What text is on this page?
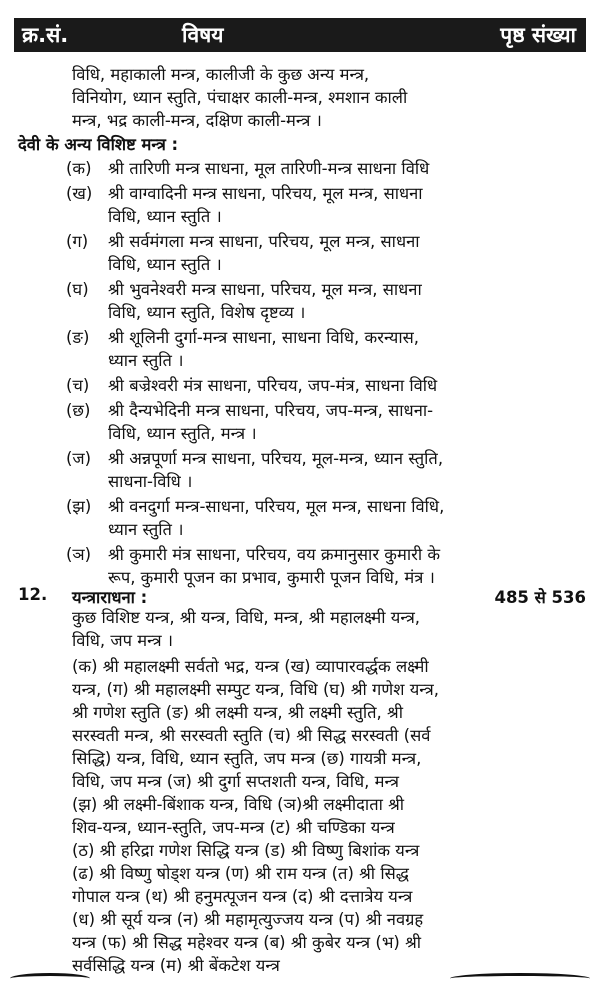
क्र.सं.	विषय	पृष्ठ संख्या
विधि, महाकाली मन्त्र, कालीजी के कुछ अन्य मन्त्र,
विनियोग, ध्यान स्तुति, पंचाक्षर काली-मन्त्र, श्मशान काली
मन्त्र, भद्र काली-मन्त्र, दक्षिण काली-मन्त्र ।
देवी के अन्य विशिष्ट मन्त्र :
(क) श्री तारिणी मन्त्र साधना, मूल तारिणी-मन्त्र साधना विधि
(ख) श्री वाग्वादिनी मन्त्र साधना, परिचय, मूल मन्त्र, साधना
विधि, ध्यान स्तुति ।
(ग) श्री सर्वमंगला मन्त्र साधना, परिचय, मूल मन्त्र, साधना
विधि, ध्यान स्तुति ।
(घ) श्री भुवनेश्वरी मन्त्र साधना, परिचय, मूल मन्त्र, साधना
विधि, ध्यान स्तुति, विशेष दृष्टव्य ।
(ङ) श्री शूलिनी दुर्गा-मन्त्र साधना, साधना विधि, करन्यास,
ध्यान स्तुति ।
(च) श्री बज्रेश्वरी मंत्र साधना, परिचय, जप-मंत्र, साधना विधि
(छ) श्री दैन्यभेदिनी मन्त्र साधना, परिचय, जप-मन्त्र, साधना-
विधि, ध्यान स्तुति, मन्त्र ।
(ज) श्री अन्नपूर्णा मन्त्र साधना, परिचय, मूल-मन्त्र, ध्यान स्तुति,
साधना-विधि ।
(झ) श्री वनदुर्गा मन्त्र-साधना, परिचय, मूल मन्त्र, साधना विधि,
ध्यान स्तुति ।
(ञ) श्री कुमारी मंत्र साधना, परिचय, वय क्रमानुसार कुमारी के
रूप, कुमारी पूजन का प्रभाव, कुमारी पूजन विधि, मंत्र ।
12. यन्त्राराधना :	485 से 536
कुछ विशिष्ट यन्त्र, श्री यन्त्र, विधि, मन्त्र, श्री महालक्ष्मी यन्त्र,
विधि, जप मन्त्र ।
(क) श्री महालक्ष्मी सर्वतो भद्र, यन्त्र (ख) व्यापारवर्द्धक लक्ष्मी
यन्त्र, (ग) श्री महालक्ष्मी सम्पुट यन्त्र, विधि (घ) श्री गणेश यन्त्र,
श्री गणेश स्तुति (ङ) श्री लक्ष्मी यन्त्र, श्री लक्ष्मी स्तुति, श्री
सरस्वती मन्त्र, श्री सरस्वती स्तुति (च) श्री सिद्ध सरस्वती (सर्व
सिद्धि) यन्त्र, विधि, ध्यान स्तुति, जप मन्त्र (छ) गायत्री मन्त्र,
विधि, जप मन्त्र (ज) श्री दुर्गा सप्तशती यन्त्र, विधि, मन्त्र
(झ) श्री लक्ष्मी-बिंशाक यन्त्र, विधि (ञ)श्री लक्ष्मीदाता श्री
शिव-यन्त्र, ध्यान-स्तुति, जप-मन्त्र (ट) श्री चण्डिका यन्त्र
(ठ) श्री हरिद्रा गणेश सिद्धि यन्त्र (ड) श्री विष्णु बिशांक यन्त्र
(ढ) श्री विष्णु षोड्श यन्त्र (ण) श्री राम यन्त्र (त) श्री सिद्ध
गोपाल यन्त्र (थ) श्री हनुमत्पूजन यन्त्र (द) श्री दत्तात्रेय यन्त्र
(ध) श्री सूर्य यन्त्र (न) श्री महामृत्युज्जय यन्त्र (प) श्री नवग्रह
यन्त्र (फ) श्री सिद्ध महेश्वर यन्त्र (ब) श्री कुबेर यन्त्र (भ) श्री
सर्वसिद्धि यन्त्र (म) श्री बेंकटेश यन्त्र
